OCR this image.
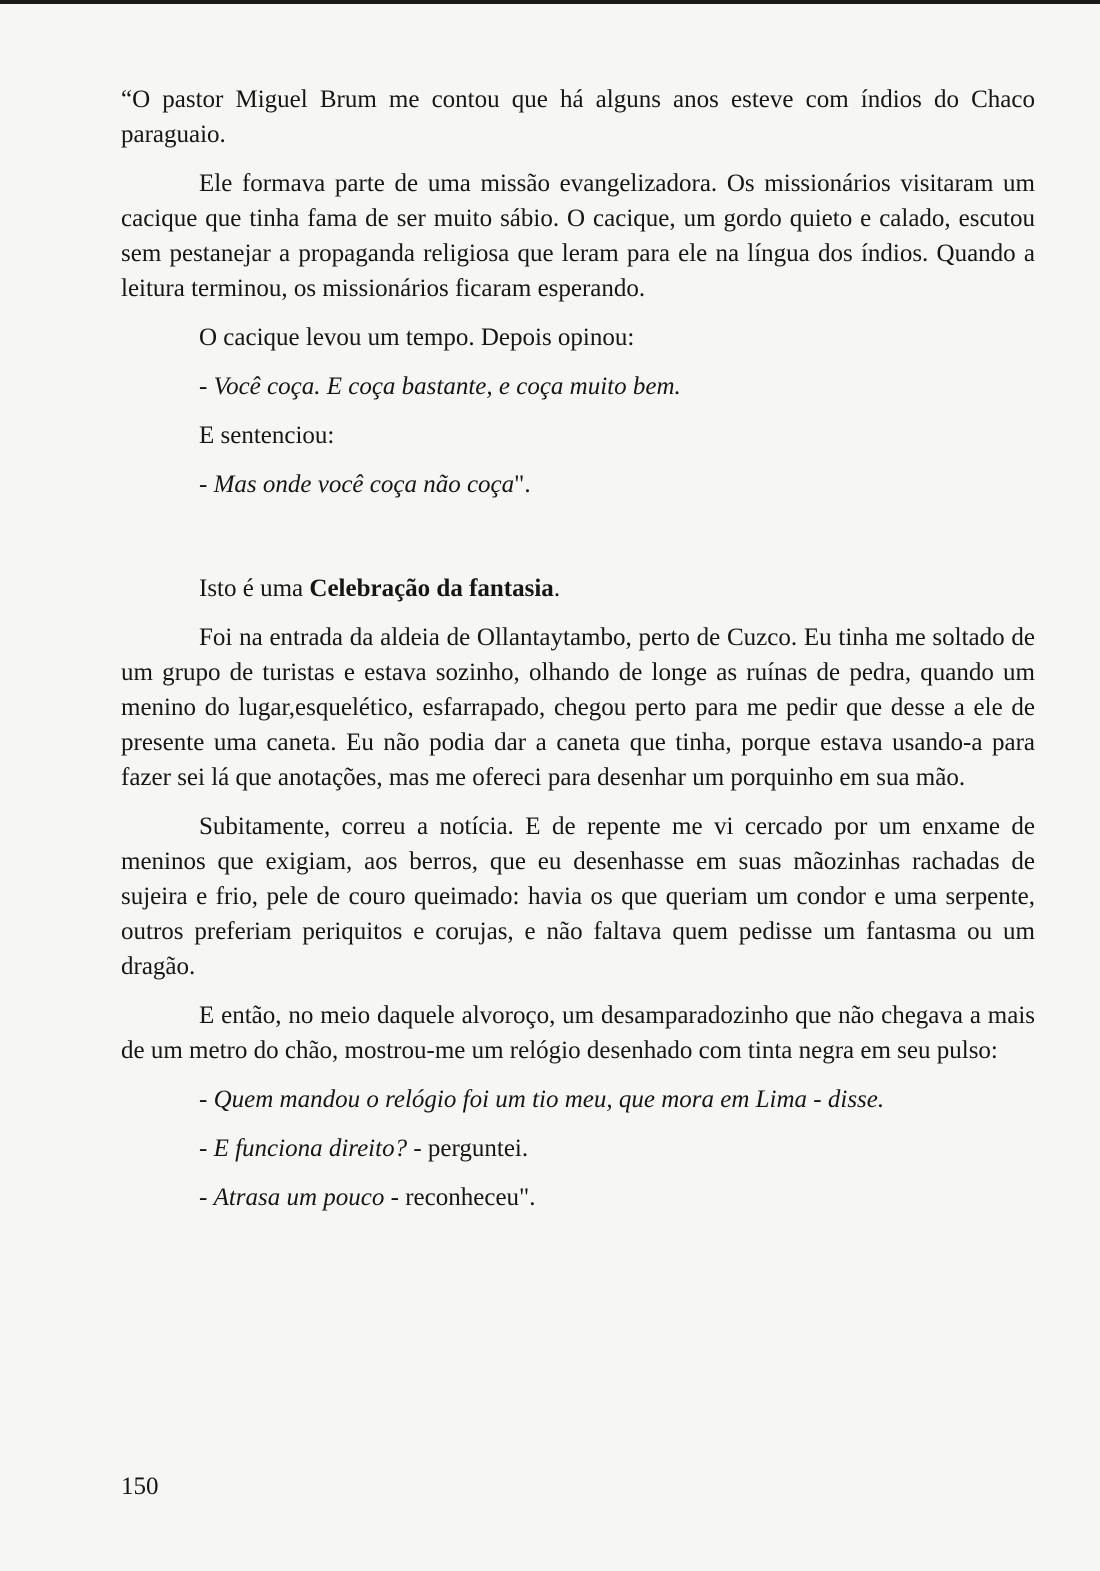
“O pastor Miguel Brum me contou que há alguns anos esteve com índios do Chaco paraguaio.

Ele formava parte de uma missão evangelizadora. Os missionários visitaram um cacique que tinha fama de ser muito sábio. O cacique, um gordo quieto e calado, escutou sem pestanejar a propaganda religiosa que leram para ele na língua dos índios. Quando a leitura terminou, os missionários ficaram esperando.

O cacique levou um tempo. Depois opinou:

- Você coça. E coça bastante, e coça muito bem.

E sentenciou:

- Mas onde você coça não coça".

Isto é uma Celebração da fantasia.

Foi na entrada da aldeia de Ollantaytambo, perto de Cuzco. Eu tinha me soltado de um grupo de turistas e estava sozinho, olhando de longe as ruínas de pedra, quando um menino do lugar,esquelético, esfarrapado, chegou perto para me pedir que desse a ele de presente uma caneta. Eu não podia dar a caneta que tinha, porque estava usando-a para fazer sei lá que anotações, mas me ofereci para desenhar um porquinho em sua mão.

Subitamente, correu a notícia. E de repente me vi cercado por um enxame de meninos que exigiam, aos berros, que eu desenhasse em suas mãozinhas rachadas de sujeira e frio, pele de couro queimado: havia os que queriam um condor e uma serpente, outros preferiam periquitos e corujas, e não faltava quem pedisse um fantasma ou um dragão.

E então, no meio daquele alvoroço, um desamparadozinho que não chegava a mais de um metro do chão, mostrou-me um relógio desenhado com tinta negra em seu pulso:

- Quem mandou o relógio foi um tio meu, que mora em Lima - disse.

- E funciona direito? - perguntei.

- Atrasa um pouco - reconheceu".

150
